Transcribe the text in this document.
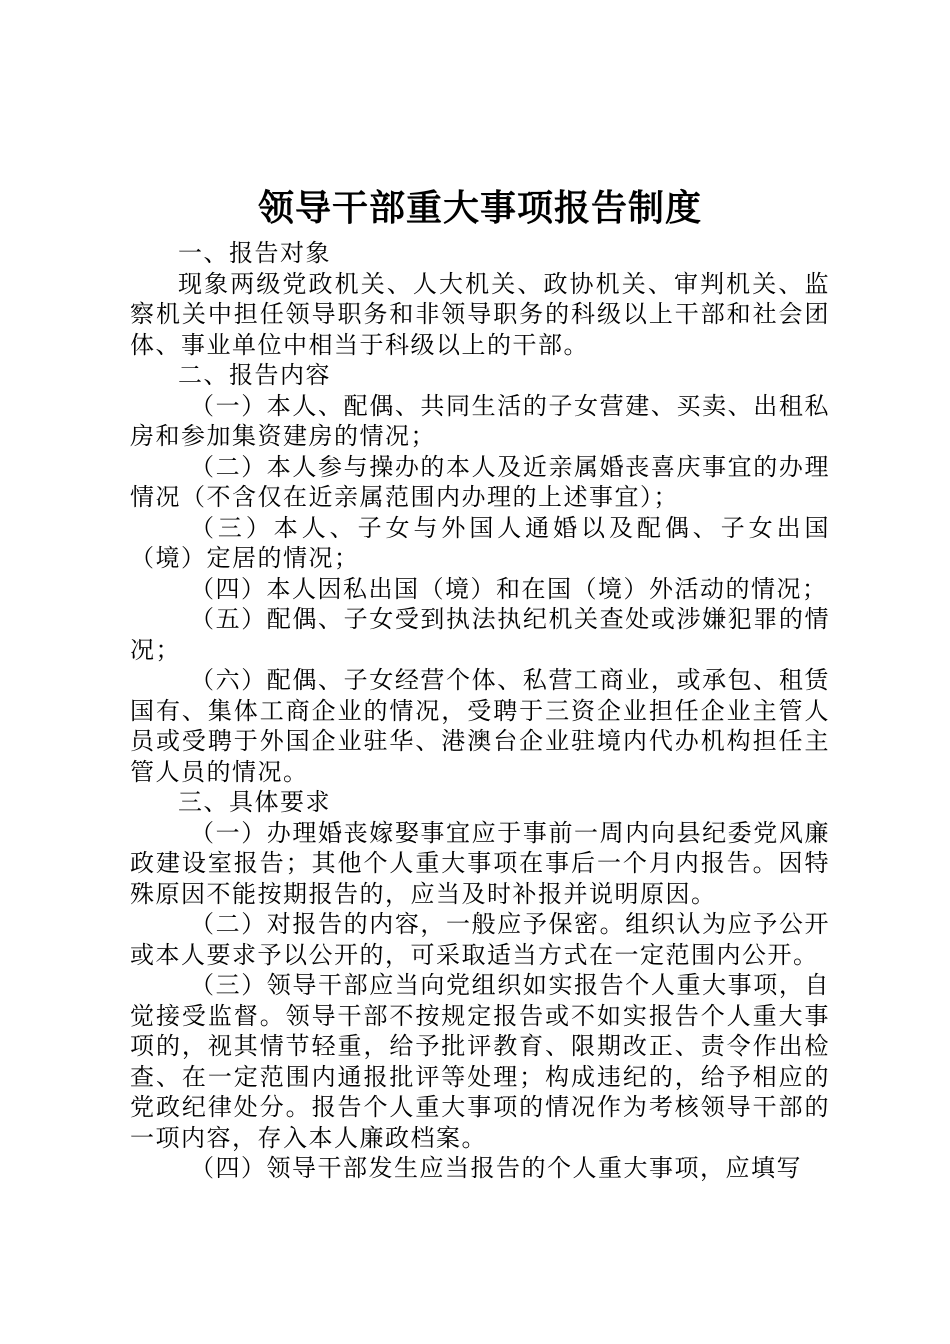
领导干部重大事项报告制度

一、报告对象

现象两级党政机关、人大机关、政协机关、审判机关、监察机关中担任领导职务和非领导职务的科级以上干部和社会团体、事业单位中相当于科级以上的干部。

二、报告内容

（一）本人、配偶、共同生活的子女营建、买卖、出租私房和参加集资建房的情况；

（二）本人参与操办的本人及近亲属婚丧喜庆事宜的办理情况（不含仅在近亲属范围内办理的上述事宜）；

（三）本人、子女与外国人通婚以及配偶、子女出国（境）定居的情况；

（四）本人因私出国（境）和在国（境）外活动的情况；

（五）配偶、子女受到执法执纪机关查处或涉嫌犯罪的情况；

（六）配偶、子女经营个体、私营工商业，或承包、租赁国有、集体工商企业的情况，受聘于三资企业担任企业主管人员或受聘于外国企业驻华、港澳台企业驻境内代办机构担任主管人员的情况。

三、具体要求

（一）办理婚丧嫁娶事宜应于事前一周内向县纪委党风廉政建设室报告；其他个人重大事项在事后一个月内报告。因特殊原因不能按期报告的，应当及时补报并说明原因。

（二）对报告的内容，一般应予保密。组织认为应予公开或本人要求予以公开的，可采取适当方式在一定范围内公开。

（三）领导干部应当向党组织如实报告个人重大事项，自觉接受监督。领导干部不按规定报告或不如实报告个人重大事项的，视其情节轻重，给予批评教育、限期改正、责令作出检查、在一定范围内通报批评等处理；构成违纪的，给予相应的党政纪律处分。报告个人重大事项的情况作为考核领导干部的一项内容，存入本人廉政档案。

（四）领导干部发生应当报告的个人重大事项，应填写
